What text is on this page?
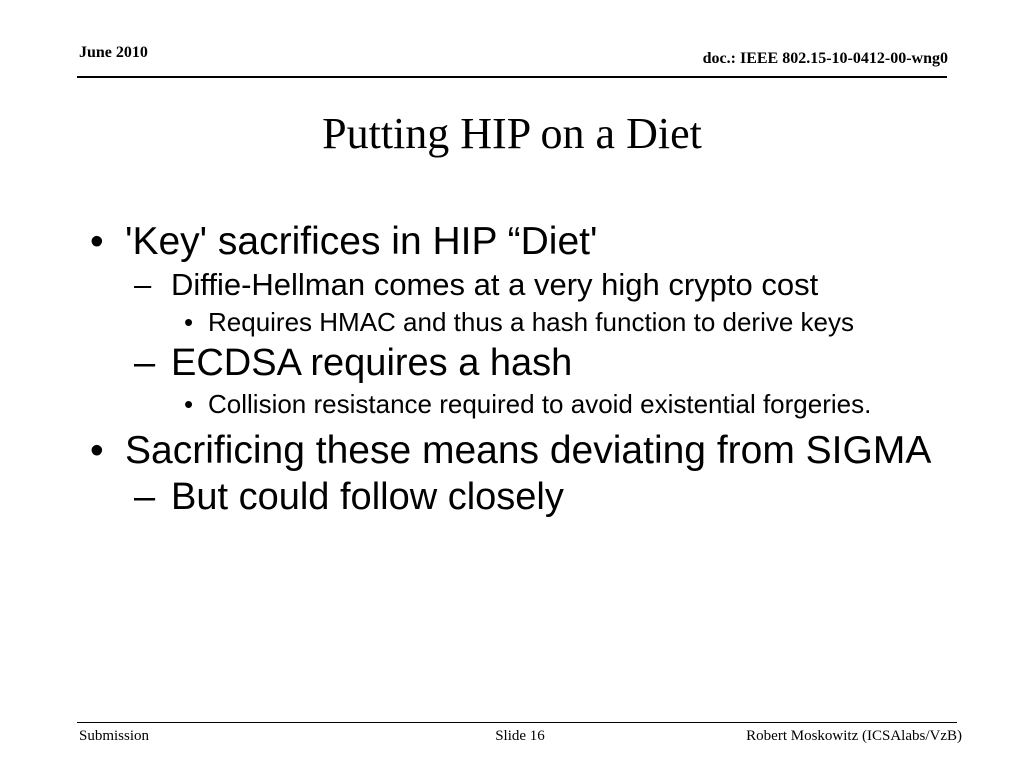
June 2010	doc.: IEEE 802.15-10-0412-00-wng0
Putting HIP on a Diet
• 'Key' sacrifices in HIP “Diet'
– Diffie-Hellman comes at a very high crypto cost
• Requires HMAC and thus a hash function to derive keys
– ECDSA requires a hash
• Collision resistance required to avoid existential forgeries.
• Sacrificing these means deviating from SIGMA
– But could follow closely
Submission	Slide 16	Robert Moskowitz (ICSAlabs/VzB)
